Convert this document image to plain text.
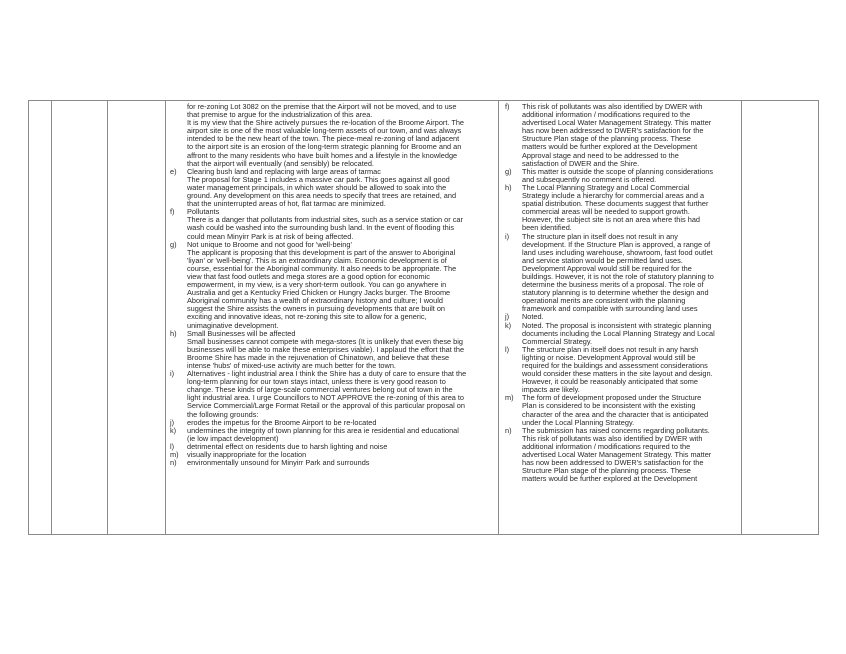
for re-zoning Lot 3082 on the premise that the Airport will not be moved, and to use
that premise to argue for the industrialization of this area.
It is my view that the Shire actively pursues the re-location of the Broome Airport. The
airport site is one of the most valuable long-term assets of our town, and was always
intended to be the new heart of the town. The piece-meal re-zoning of land adjacent
to the airport site is an erosion of the long-term strategic planning for Broome and an
affront to the many residents who have built homes and a lifestyle in the knowledge
that the airport will eventually (and sensibly) be relocated.
e) Clearing bush land and replacing with large areas of tarmac
The proposal for Stage 1 includes a massive car park. This goes against all good
water management principals, in which water should be allowed to soak into the
ground. Any development on this area needs to specify that trees are retained, and
that the uninterrupted areas of hot, flat tarmac are minimized.
f) Pollutants
There is a danger that pollutants from industrial sites, such as a service station or car
wash could be washed into the surrounding bush land. In the event of flooding this
could mean Minyirr Park is at risk of being affected.
g) Not unique to Broome and not good for 'well-being'
The applicant is proposing that this development is part of the answer to Aboriginal
'liyan' or 'well-being'. This is an extraordinary claim. Economic development is of
course, essential for the Aboriginal community. It also needs to be appropriate. The
view that fast food outlets and mega stores are a good option for economic
empowerment, in my view, is a very short-term outlook. You can go anywhere in
Australia and get a Kentucky Fried Chicken or Hungry Jacks burger. The Broome
Aboriginal community has a wealth of extraordinary history and culture; I would
suggest the Shire assists the owners in pursuing developments that are built on
exciting and innovative ideas, not re-zoning this site to allow for a generic,
unimaginative development.
h) Small Businesses will be affected
Small businesses cannot compete with mega-stores (It is unlikely that even these big
businesses will be able to make these enterprises viable). I applaud the effort that the
Broome Shire has made in the rejuvenation of Chinatown, and believe that these
intense 'hubs' of mixed-use activity are much better for the town.
i) Alternatives - light industrial area I think the Shire has a duty of care to ensure that the
long-term planning for our town stays intact, unless there is very good reason to
change. These kinds of large-scale commercial ventures belong out of town in the
light industrial area. I urge Councillors to NOT APPROVE the re-zoning of this area to
Service Commercial/Large Format Retail or the approval of this particular proposal on
the following grounds:
j) erodes the impetus for the Broome Airport to be re-located
k) undermines the integrity of town planning for this area ie residential and educational
(ie low impact development)
l) detrimental effect on residents due to harsh lighting and noise
m) visually inappropriate for the location
n) environmentally unsound for Minyirr Park and surrounds
f) This risk of pollutants was also identified by DWER with
additional information / modifications required to the
advertised Local Water Management Strategy. This matter
has now been addressed to DWER's satisfaction for the
Structure Plan stage of the planning process. These
matters would be further explored at the Development
Approval stage and need to be addressed to the
satisfaction of DWER and the Shire.
g) This matter is outside the scope of planning considerations
and subsequently no comment is offered.
h) The Local Planning Strategy and Local Commercial
Strategy include a hierarchy for commercial areas and a
spatial distribution. These documents suggest that further
commercial areas will be needed to support growth.
However, the subject site is not an area where this had
been identified.
i) The structure plan in itself does not result in any
development. If the Structure Plan is approved, a range of
land uses including warehouse, showroom, fast food outlet
and service station would be permitted land uses.
Development Approval would still be required for the
buildings. However, it is not the role of statutory planning to
determine the business merits of a proposal. The role of
statutory planning is to determine whether the design and
operational merits are consistent with the planning
framework and compatible with surrounding land uses
j) Noted.
k) Noted. The proposal is inconsistent with strategic planning
documents including the Local Planning Strategy and Local
Commercial Strategy.
l) The structure plan in itself does not result in any harsh
lighting or noise. Development Approval would still be
required for the buildings and assessment considerations
would consider these matters in the site layout and design.
However, it could be reasonably anticipated that some
impacts are likely.
m) The form of development proposed under the Structure
Plan is considered to be inconsistent with the existing
character of the area and the character that is anticipated
under the Local Planning Strategy.
n) The submission has raised concerns regarding pollutants.
This risk of pollutants was also identified by DWER with
additional information / modifications required to the
advertised Local Water Management Strategy. This matter
has now been addressed to DWER's satisfaction for the
Structure Plan stage of the planning process. These
matters would be further explored at the Development
